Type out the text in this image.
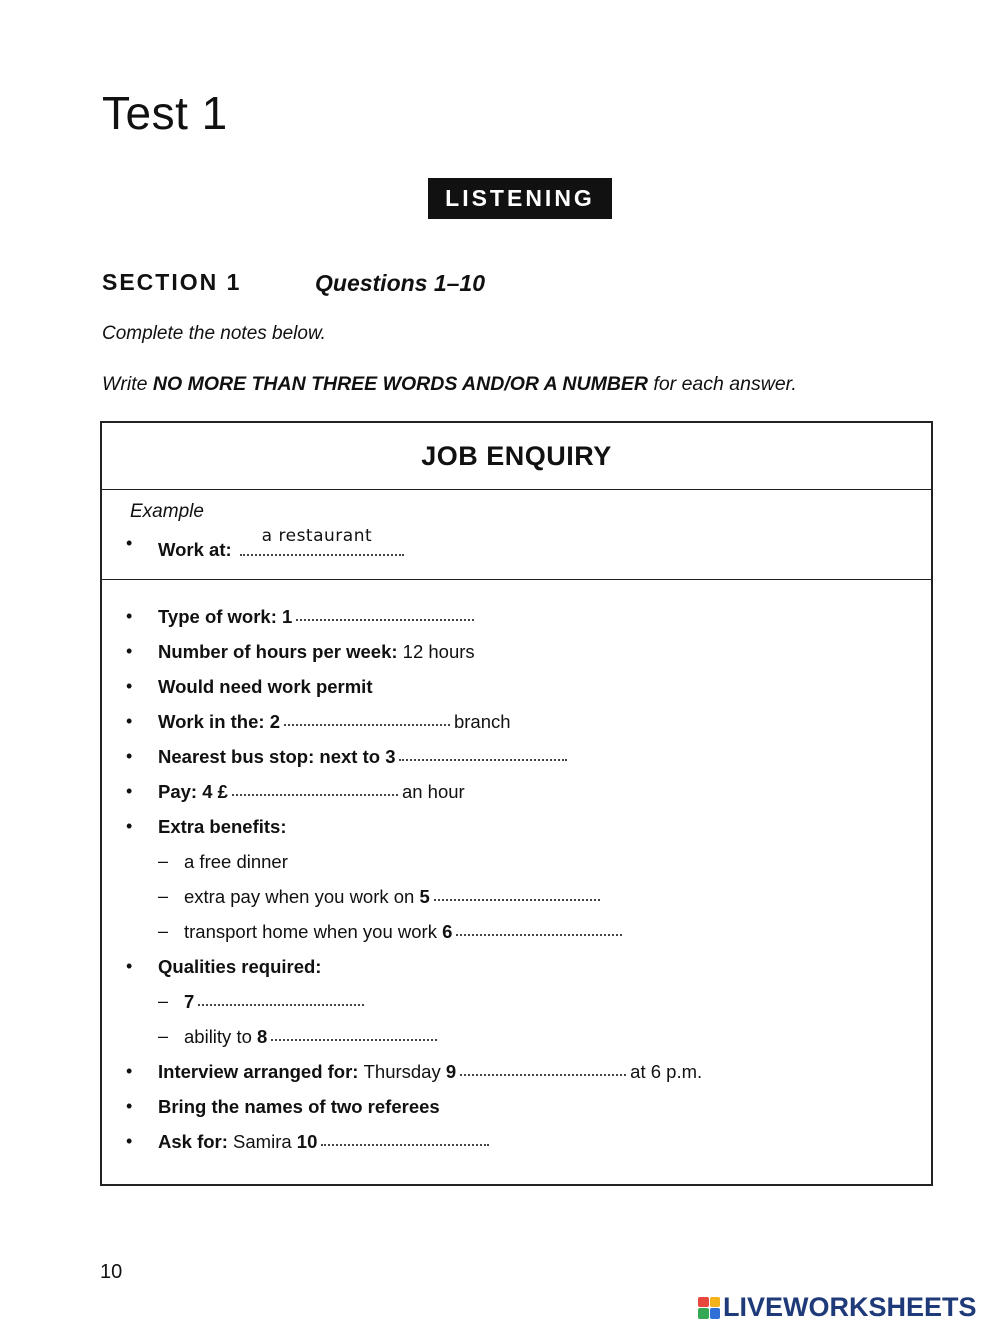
Test 1
LISTENING
SECTION 1	Questions 1–10
Complete the notes below.
Write NO MORE THAN THREE WORDS AND/OR A NUMBER for each answer.
JOB ENQUIRY
Example
• Work at:
a restaurant
• Type of work:
1
• Number of hours per week:
12 hours
• Would need work permit
• Work in the:
2	branch
• Nearest bus stop: next to
3
• Pay:
4
£	an hour
• Extra benefits:
– a free dinner
– extra pay when you work on
5
– transport home when you work
6
• Qualities required:
– 7
– ability to
8
• Interview arranged for:
Thursday
9	at 6 p.m.
• Bring the names of two referees
• Ask for:
Samira
10
10
LIVEWORKSHEETS
